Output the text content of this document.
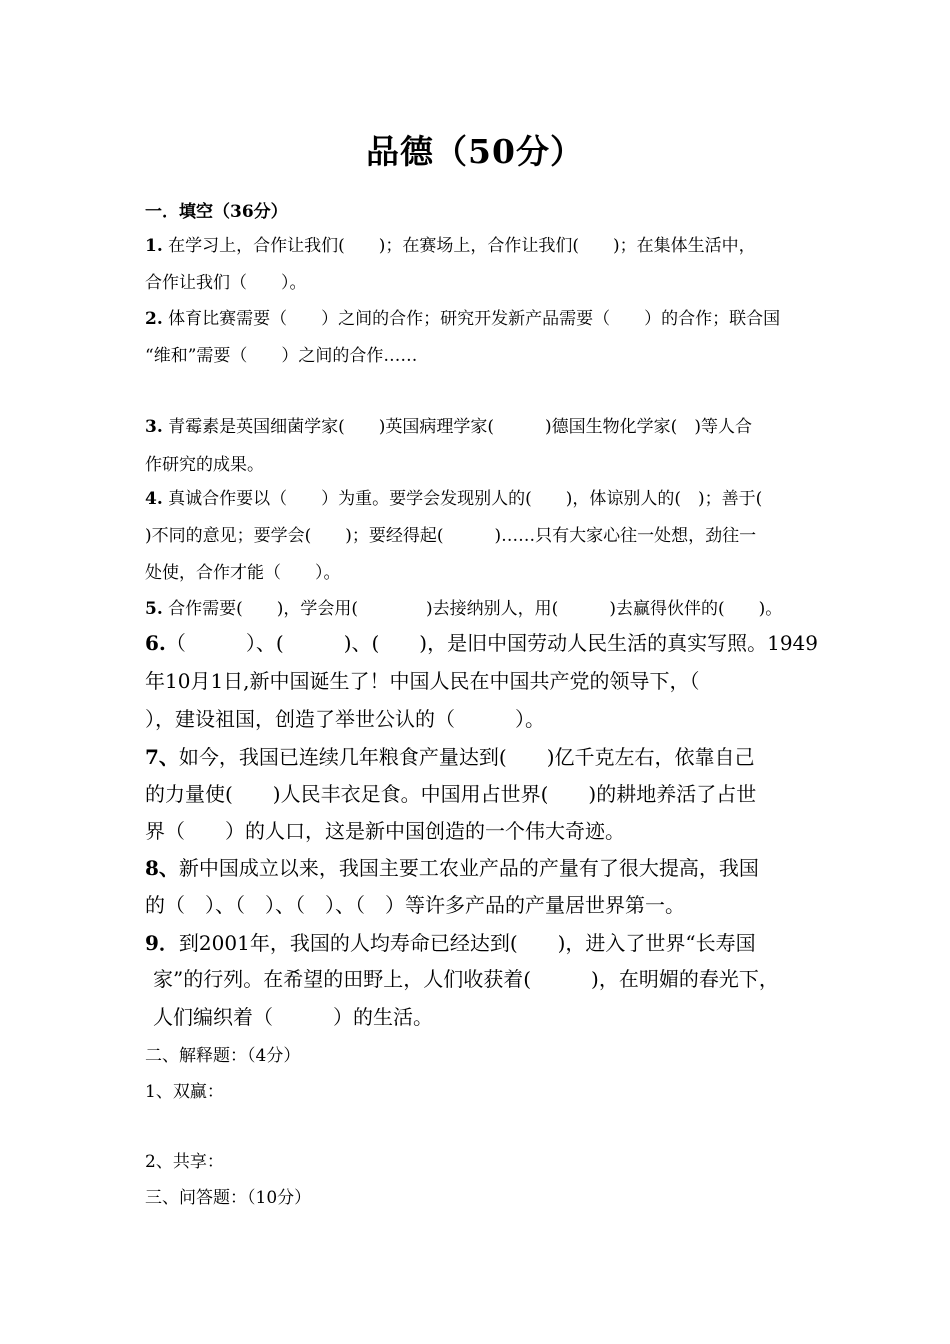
品德（50分）
一．填空（36分）
1. 在学习上，合作让我们(　　)；在赛场上，合作让我们(　　)；在集体生活中，
合作让我们（　　）。
2. 体育比赛需要（　　）之间的合作；研究开发新产品需要（　　）的合作；联合国
“维和”需要（　　）之间的合作……
3. 青霉素是英国细菌学家(　　)英国病理学家(　　　)德国生物化学家(　)等人合
作研究的成果。
4. 真诚合作要以（　　）为重。要学会发现别人的(　　)，体谅别人的(　)；善于(
)不同的意见；要学会(　　)；要经得起(　　　)……只有大家心往一处想，劲往一
处使，合作才能（　　）。
5. 合作需要(　　)，学会用(　　　　)去接纳别人，用(　　　)去赢得伙伴的(　　)。
6.（　　　）、(　　　)、(　　)，是旧中国劳动人民生活的真实写照。1949
年10月1日,新中国诞生了！中国人民在中国共产党的领导下，（
），建设祖国，创造了举世公认的（　　　）。
7、如今，我国已连续几年粮食产量达到(　　)亿千克左右，依靠自己
的力量使(　　)人民丰衣足食。中国用占世界(　　)的耕地养活了占世
界（　　）的人口，这是新中国创造的一个伟大奇迹。
8、新中国成立以来，我国主要工农业产品的产量有了很大提高，我国
的（　）、（　）、（　）、（　）等许多产品的产量居世界第一。
9．到2001年，我国的人均寿命已经达到(　　)，进入了世界“长寿国
家”的行列。在希望的田野上，人们收获着(　　　)，在明媚的春光下，
人们编织着（　　　）的生活。
二、解释题：（4分）
1、双赢：
2、共享：
三、问答题：（10分）
